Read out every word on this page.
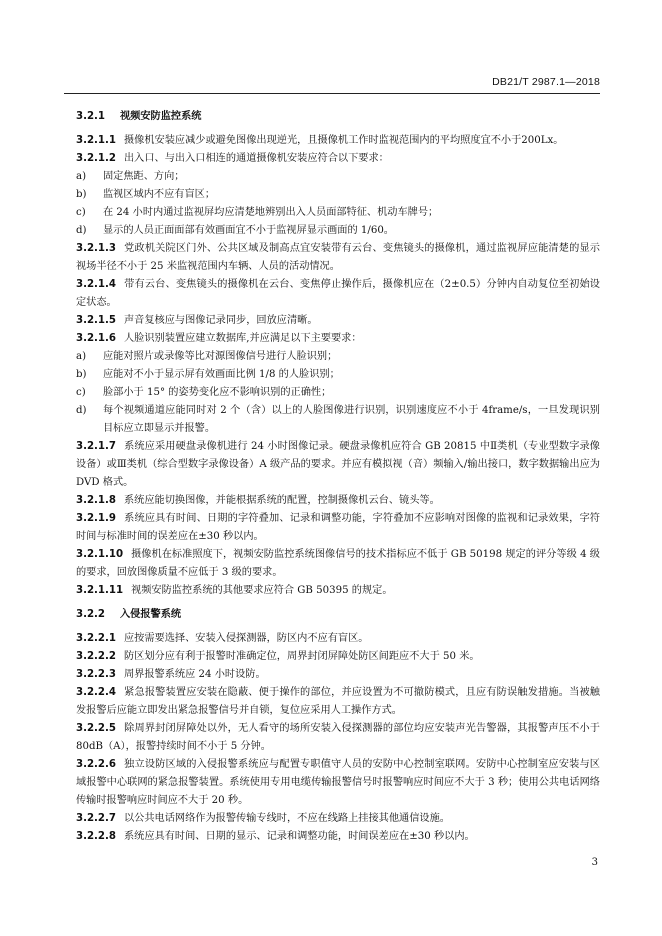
DB21/T 2987.1—2018
3.2.1 视频安防监控系统
3.2.1.1 摄像机安装应减少或避免图像出现逆光，且摄像机工作时监视范围内的平均照度宜不小于200Lx。
3.2.1.2 出入口、与出入口相连的通道摄像机安装应符合以下要求：
a)	固定焦距、方向；
b)	监视区域内不应有盲区；
c)	在 24 小时内通过监视屏均应清楚地辨别出入人员面部特征、机动车牌号；
d)	显示的人员正面面部有效画面宜不小于监视屏显示画面的 1/60。
3.2.1.3 党政机关院区门外、公共区域及制高点宜安装带有云台、变焦镜头的摄像机，通过监视屏应能清楚的显示视场半径不小于 25 米监视范围内车辆、人员的活动情况。
3.2.1.4 带有云台、变焦镜头的摄像机在云台、变焦停止操作后，摄像机应在（2±0.5）分钟内自动复位至初始设定状态。
3.2.1.5 声音复核应与图像记录同步，回放应清晰。
3.2.1.6 人脸识别装置应建立数据库,并应满足以下主要要求：
a)	应能对照片或录像等比对源图像信号进行人脸识别；
b)	应能对不小于显示屏有效画面比例 1/8 的人脸识别；
c)	脸部小于 15° 的姿势变化应不影响识别的正确性；
d)	每个视频通道应能同时对 2 个（含）以上的人脸图像进行识别，识别速度应不小于 4frame/s，一旦发现识别目标应立即显示并报警。
3.2.1.7 系统应采用硬盘录像机进行 24 小时图像记录。硬盘录像机应符合 GB 20815 中Ⅱ类机（专业型数字录像设备）或Ⅲ类机（综合型数字录像设备）A 级产品的要求。并应有模拟视（音）频输入/输出接口，数字数据输出应为 DVD 格式。
3.2.1.8 系统应能切换图像，并能根据系统的配置，控制摄像机云台、镜头等。
3.2.1.9 系统应具有时间、日期的字符叠加、记录和调整功能，字符叠加不应影响对图像的监视和记录效果，字符时间与标准时间的误差应在±30 秒以内。
3.2.1.10 摄像机在标准照度下，视频安防监控系统图像信号的技术指标应不低于 GB 50198 规定的评分等级 4 级的要求，回放图像质量不应低于 3 级的要求。
3.2.1.11 视频安防监控系统的其他要求应符合 GB 50395 的规定。
3.2.2 入侵报警系统
3.2.2.1 应按需要选择、安装入侵探测器，防区内不应有盲区。
3.2.2.2 防区划分应有利于报警时准确定位，周界封闭屏障处防区间距应不大于 50 米。
3.2.2.3 周界报警系统应 24 小时设防。
3.2.2.4 紧急报警装置应安装在隐蔽、便于操作的部位，并应设置为不可撤防模式，且应有防误触发措施。当被触发报警后应能立即发出紧急报警信号并自锁，复位应采用人工操作方式。
3.2.2.5 除周界封闭屏障处以外，无人看守的场所安装入侵探测器的部位均应安装声光告警器，其报警声压不小于 80dB（A），报警持续时间不小于 5 分钟。
3.2.2.6 独立设防区域的入侵报警系统应与配置专职值守人员的安防中心控制室联网。安防中心控制室应安装与区域报警中心联网的紧急报警装置。系统使用专用电缆传输报警信号时报警响应时间应不大于 3 秒；使用公共电话网络传输时报警响应时间应不大于 20 秒。
3.2.2.7 以公共电话网络作为报警传输专线时，不应在线路上挂接其他通信设施。
3.2.2.8 系统应具有时间、日期的显示、记录和调整功能，时间误差应在±30 秒以内。
3
